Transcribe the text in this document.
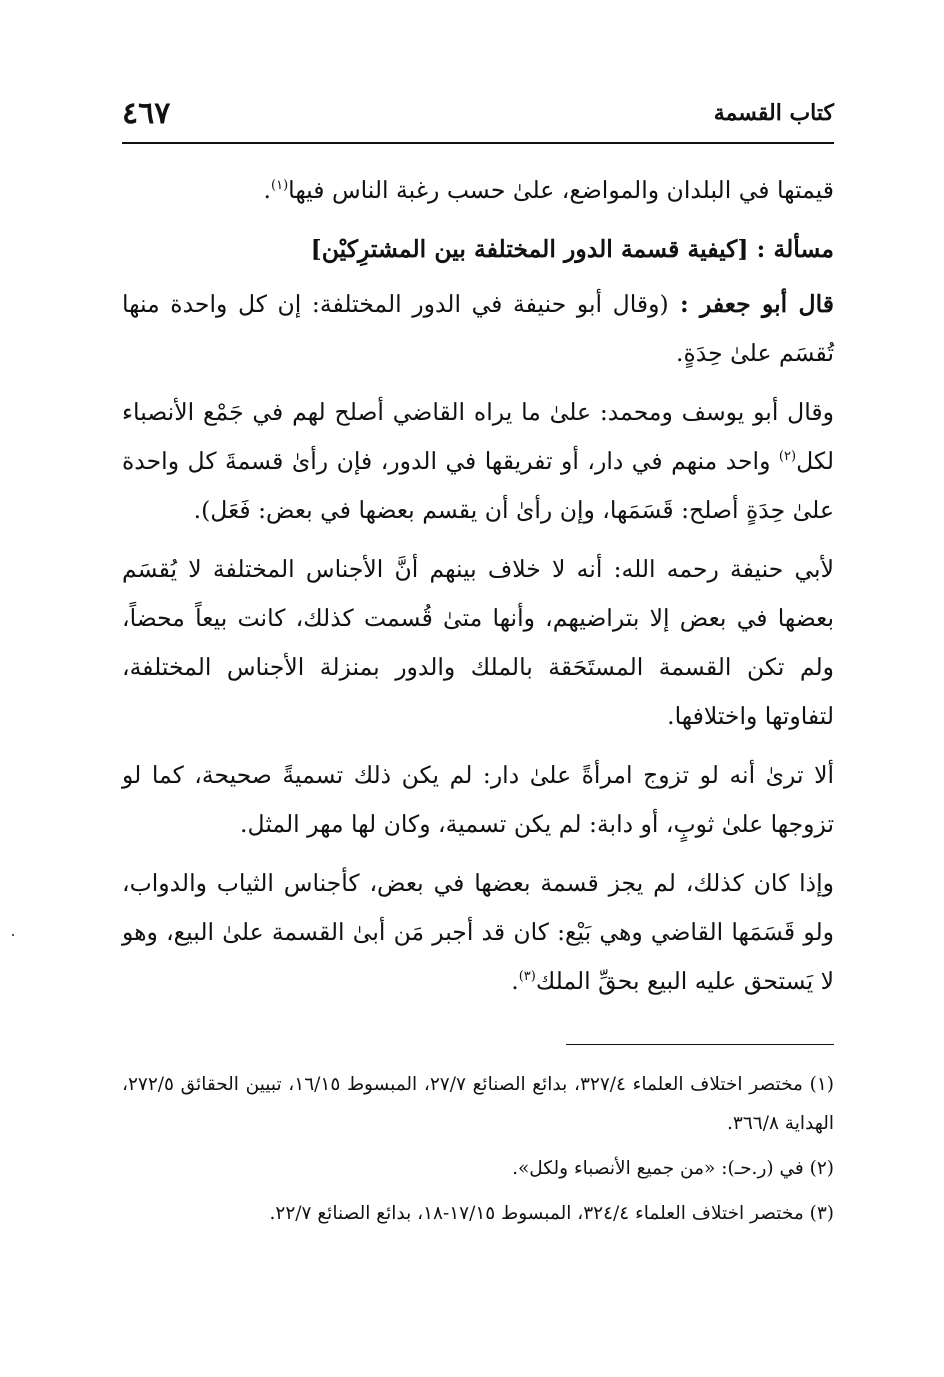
كتاب القسمة
٤٦٧

قيمتها في البلدان والمواضع، علىٰ حسب رغبة الناس فيها$^{(١)}$.

مسألة : [كيفية قسمة الدور المختلفة بين المشترِكيْن]

قال أبو جعفر : (وقال أبو حنيفة في الدور المختلفة: إن كل واحدة منها تُقسَم علىٰ حِدَةٍ.

وقال أبو يوسف ومحمد: علىٰ ما يراه القاضي أصلح لهم في جَمْع الأنصباء لكل$^{(٢)}$ واحد منهم في دار، أو تفريقها في الدور، فإن رأىٰ قسمةَ كل واحدة علىٰ حِدَةٍ أصلح: قَسَمَها، وإن رأىٰ أن يقسم بعضها في بعض: فَعَل).

لأبي حنيفة رحمه الله: أنه لا خلاف بينهم أنَّ الأجناس المختلفة لا يُقسَم بعضها في بعض إلا بتراضيهم، وأنها متىٰ قُسمت كذلك، كانت بيعاً محضاً، ولم تكن القسمة المستَحَقة بالملك والدور بمنزلة الأجناس المختلفة، لتفاوتها واختلافها.

ألا ترىٰ أنه لو تزوج امرأةً علىٰ دار: لم يكن ذلك تسميةً صحيحة، كما لو تزوجها علىٰ ثوبٍ، أو دابة: لم يكن تسمية، وكان لها مهر المثل.

وإذا كان كذلك، لم يجز قسمة بعضها في بعض، كأجناس الثياب والدواب، ولو قَسَمَها القاضي وهي بَيْع: كان قد أجبر مَن أبىٰ القسمة علىٰ البيع، وهو لا يَستحق عليه البيع بحقِّ الملك$^{(٣)}$.

(١) مختصر اختلاف العلماء ٣٢٧/٤، بدائع الصنائع ٢٧/٧، المبسوط ١٦/١٥، تبيين الحقائق ٢٧٢/٥، الهداية ٣٦٦/٨.

(٢) في (ر.حـ): «من جميع الأنصباء ولكل».

(٣) مختصر اختلاف العلماء ٣٢٤/٤، المبسوط ١٧/١٥-١٨، بدائع الصنائع ٢٢/٧.
